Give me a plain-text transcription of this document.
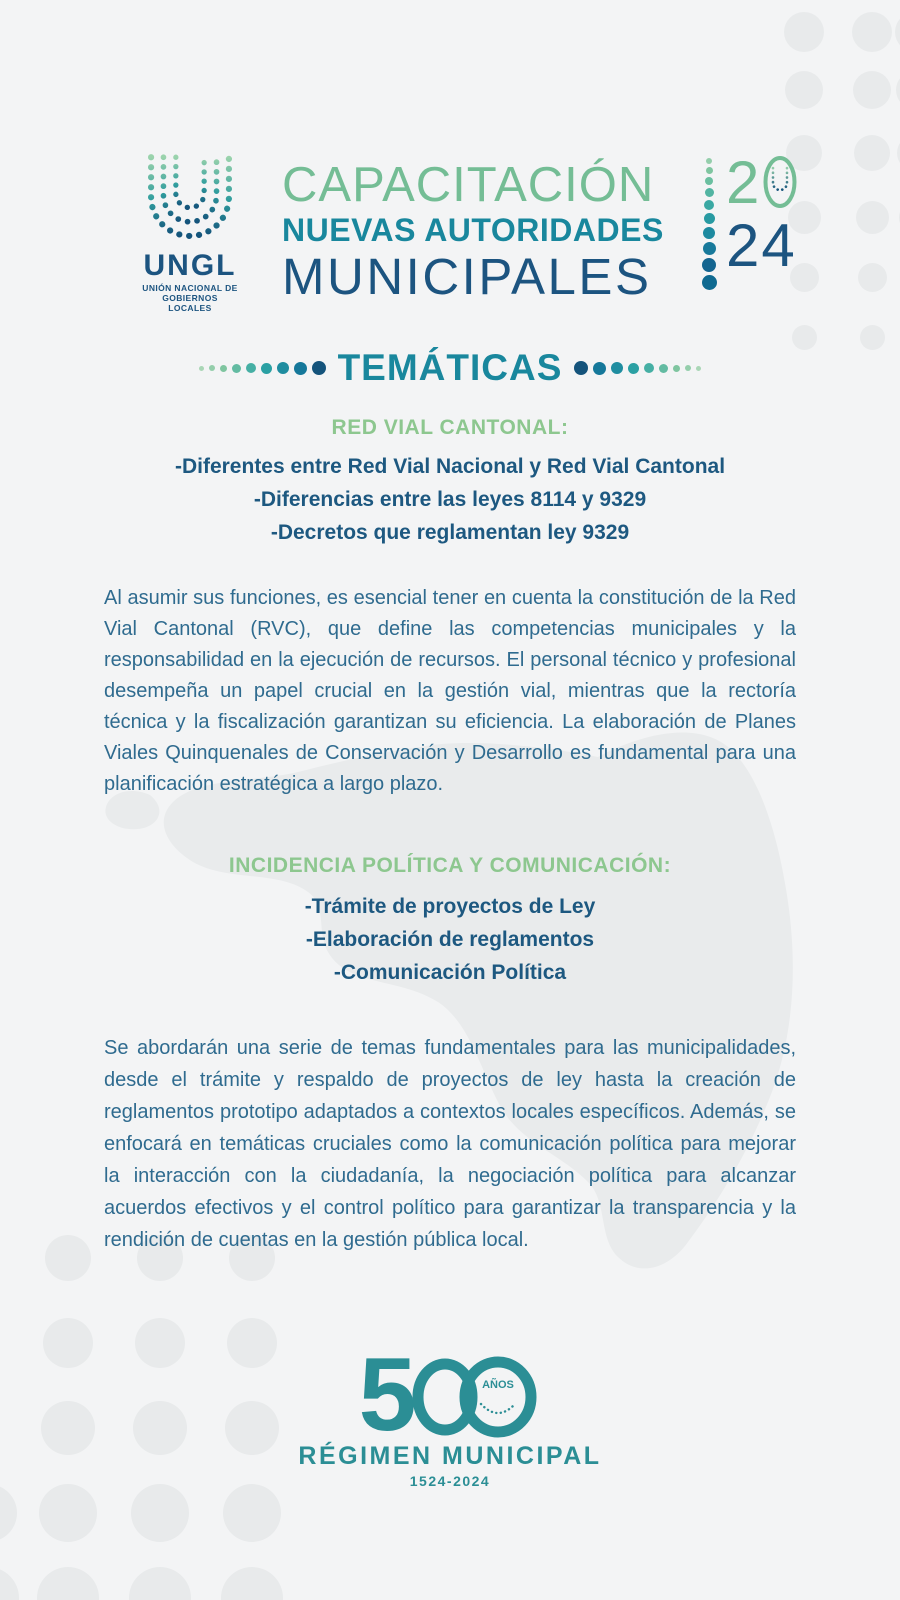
UNGL
UNIÓN NACIONAL DE
GOBIERNOS LOCALES
CAPACITACIÓN
NUEVAS AUTORIDADES
MUNICIPALES
2
24
TEMÁTICAS
RED VIAL CANTONAL:
-Diferentes entre Red Vial Nacional y Red Vial Cantonal
-Diferencias entre las leyes 8114 y 9329
-Decretos que reglamentan ley 9329

Al asumir sus funciones, es esencial tener en cuenta la constitución de la Red Vial Cantonal (RVC), que define las competencias municipales y la responsabilidad en la ejecución de recursos. El personal técnico y profesional desempeña un papel crucial en la gestión vial, mientras que la rectoría técnica y la fiscalización garantizan su eficiencia. La elaboración de Planes Viales Quinquenales de Conservación y Desarrollo es fundamental para una planificación estratégica a largo plazo.

INCIDENCIA POLÍTICA Y COMUNICACIÓN:
-Trámite de proyectos de Ley
-Elaboración de reglamentos
-Comunicación Política

Se abordarán una serie de temas fundamentales para las municipalidades, desde el trámite y respaldo de proyectos de ley hasta la creación de reglamentos prototipo adaptados a contextos locales específicos. Además, se enfocará en temáticas cruciales como la comunicación política para mejorar la interacción con la ciudadanía, la negociación política para alcanzar acuerdos efectivos y el control político para garantizar la transparencia y la rendición de cuentas en la gestión pública local.

5	AÑOS
RÉGIMEN MUNICIPAL
1524-2024
